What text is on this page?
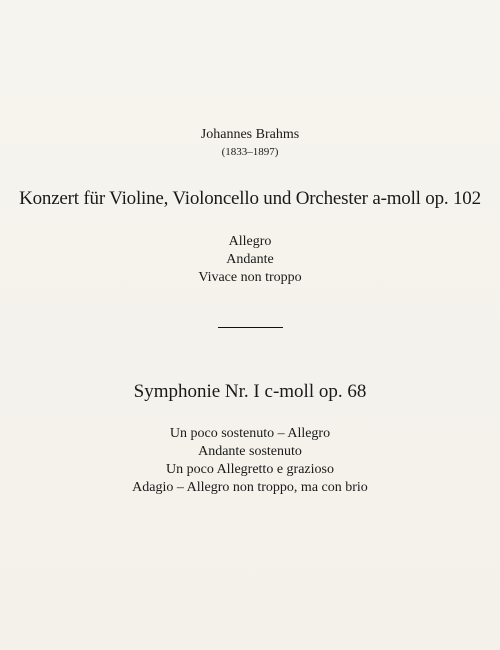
Johannes Brahms
(1833–1897)
Konzert für Violine, Violoncello und Orchester a-moll op. 102
Allegro
Andante
Vivace non troppo
Symphonie Nr. I c-moll op. 68
Un poco sostenuto – Allegro
Andante sostenuto
Un poco Allegretto e grazioso
Adagio – Allegro non troppo, ma con brio
